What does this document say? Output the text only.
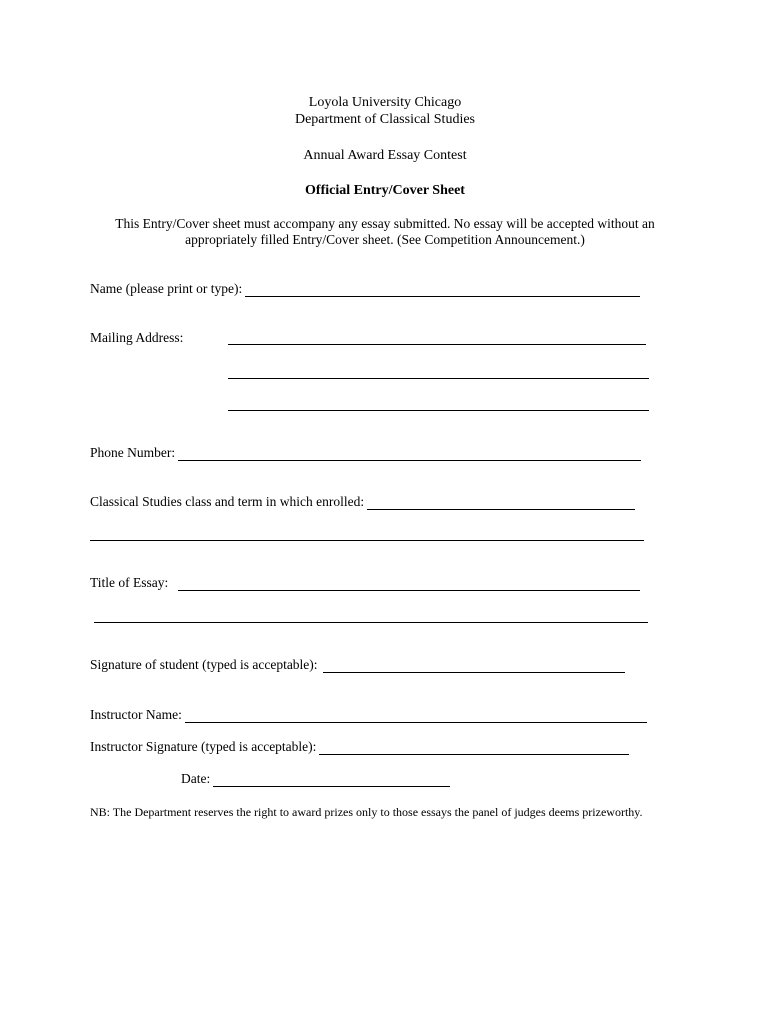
Loyola University Chicago
Department of Classical Studies
Annual Award Essay Contest
Official Entry/Cover Sheet
This Entry/Cover sheet must accompany any essay submitted. No essay will be accepted without an
appropriately filled Entry/Cover sheet. (See Competition Announcement.)
Name (please print or type):
Mailing Address:
Phone Number:
Classical Studies class and term in which enrolled:
Title of Essay:
Signature of student (typed is acceptable):
Instructor Name:
Instructor Signature (typed is acceptable):
Date:
NB: The Department reserves the right to award prizes only to those essays the panel of judges deems prizeworthy.
